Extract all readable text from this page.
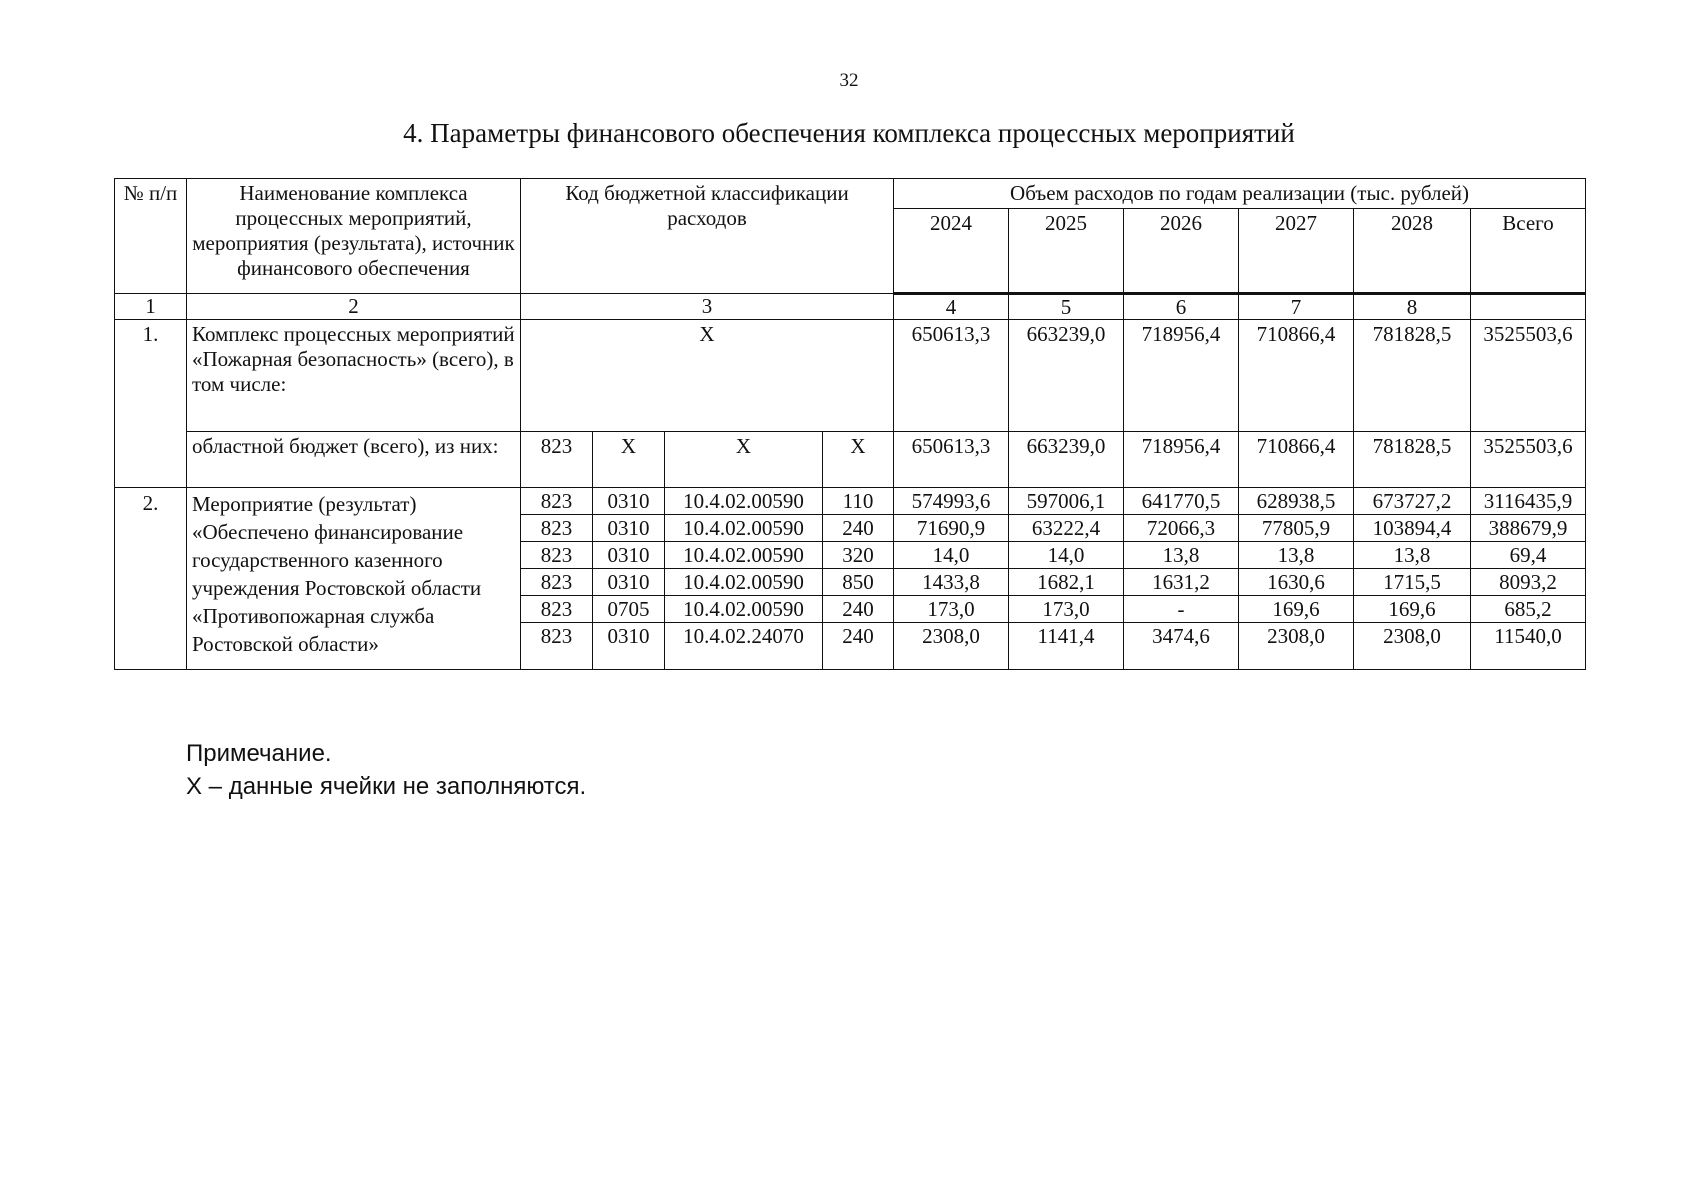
32
4. Параметры финансового обеспечения комплекса процессных мероприятий
№ п/п	Наименование комплекса процессных мероприятий, мероприятия (результата), источник финансового обеспечения	Код бюджетной классификации расходов				Объем расходов по годам реализации (тыс. рублей)					
						2024	2025	2026	2027	2028	Всего
1	2	3				4	5	6	7	8	
1.	Комплекс процессных мероприятий «Пожарная безопасность» (всего), в том числе:	X				650613,3	663239,0	718956,4	710866,4	781828,5	3525503,6
	областной бюджет (всего), из них:	823	X	X	X	650613,3	663239,0	718956,4	710866,4	781828,5	3525503,6
2.	Мероприятие (результат) «Обеспечено финансирование государственного казенного учреждения Ростовской области «Противопожарная служба Ростовской области»	823	0310	10.4.02.00590	110	574993,6	597006,1	641770,5	628938,5	673727,2	3116435,9
		823	0310	10.4.02.00590	240	71690,9	63222,4	72066,3	77805,9	103894,4	388679,9
		823	0310	10.4.02.00590	320	14,0	14,0	13,8	13,8	13,8	69,4
		823	0310	10.4.02.00590	850	1433,8	1682,1	1631,2	1630,6	1715,5	8093,2
		823	0705	10.4.02.00590	240	173,0	173,0	-	169,6	169,6	685,2
		823	0310	10.4.02.24070	240	2308,0	1141,4	3474,6	2308,0	2308,0	11540,0
Примечание.
X – данные ячейки не заполняются.
